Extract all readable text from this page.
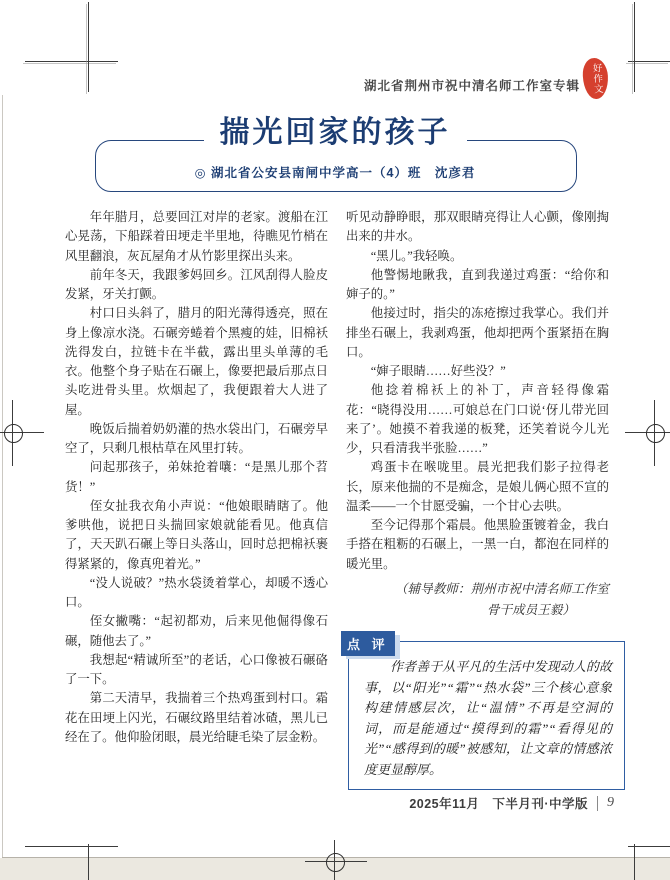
湖北省荆州市祝中清名师工作室专辑 好作文
揣光回家的孩子
◎ 湖北省公安县南闸中学高一（4）班　沈彦君

年年腊月，总要回江对岸的老家。渡船在江心晃荡，下船踩着田埂走半里地，待瞧见竹梢在风里翻浪，灰瓦屋角才从竹影里探出头来。

前年冬天，我跟爹妈回乡。江风刮得人脸皮发紧，牙关打颤。

村口日头斜了，腊月的阳光薄得透亮，照在身上像凉水浇。石碾旁蜷着个黑瘦的娃，旧棉袄洗得发白，拉链卡在半截，露出里头单薄的毛衣。他整个身子贴在石碾上，像要把最后那点日头吃进骨头里。炊烟起了，我便跟着大人进了屋。

晚饭后揣着奶奶灌的热水袋出门，石碾旁早空了，只剩几根枯草在风里打转。

问起那孩子，弟妹抢着嚷：“是黑儿那个苕货！”

侄女扯我衣角小声说：“他娘眼睛瞎了。他爹哄他，说把日头揣回家娘就能看见。他真信了，天天趴石碾上等日头落山，回时总把棉袄裹得紧紧的，像真兜着光。”

“没人说破？”热水袋烫着掌心，却暖不透心口。

侄女撇嘴：“起初都劝，后来见他倔得像石碾，随他去了。”

我想起“精诚所至”的老话，心口像被石碾硌了一下。

第二天清早，我揣着三个热鸡蛋到村口。霜花在田埂上闪光，石碾纹路里结着冰碴，黑儿已经在了。他仰脸闭眼，晨光给睫毛染了层金粉。

听见动静睁眼，那双眼睛亮得让人心颤，像刚掏出来的井水。

“黑儿。”我轻唤。

他警惕地瞅我，直到我递过鸡蛋：“给你和婶子的。”

他接过时，指尖的冻疮擦过我掌心。我们并排坐石碾上，我剥鸡蛋，他却把两个蛋紧捂在胸口。

“婶子眼睛……好些没？”

他捻着棉袄上的补丁，声音轻得像霜花：“晓得没用……可娘总在门口说‘伢儿带光回来了’。她摸不着我递的板凳，还笑着说今儿光少，只看清我半张脸……”

鸡蛋卡在喉咙里。晨光把我们影子拉得老长，原来他揣的不是痴念，是娘儿俩心照不宣的温柔——一个甘愿受骗，一个甘心去哄。

至今记得那个霜晨。他黑脸蛋镀着金，我白手搭在粗粝的石碾上，一黑一白，都泡在同样的暖光里。

（辅导教师：荆州市祝中清名师工作室
骨干成员王毅）
点 评

作者善于从平凡的生活中发现动人的故事，以“阳光”“霜”“热水袋”三个核心意象构建情感层次，让“温情”不再是空洞的词，而是能通过“摸得到的霜”“看得见的光”“感得到的暖”被感知，让文章的情感浓度更显醇厚。

2025年11月　下半月刊·中学版 9
